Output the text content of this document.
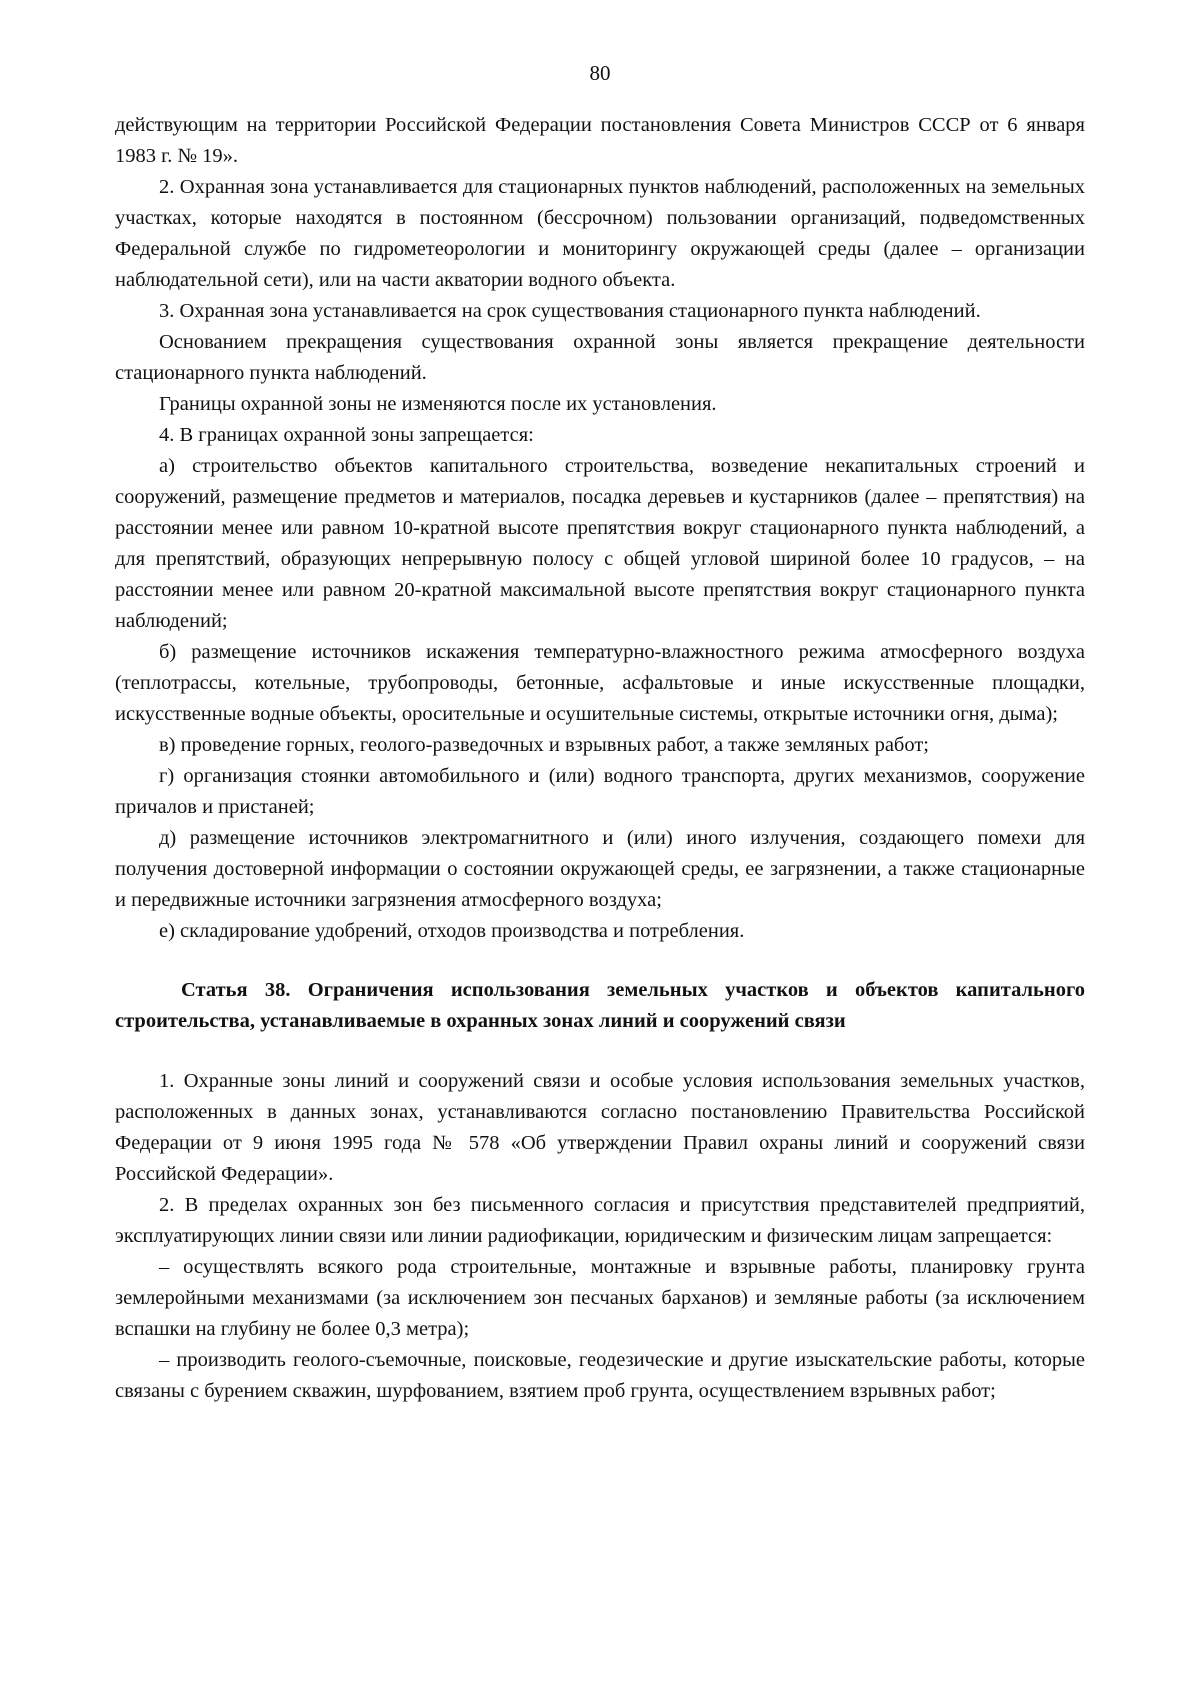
80

действующим на территории Российской Федерации постановления Совета Министров СССР от 6 января 1983 г. № 19».

2. Охранная зона устанавливается для стационарных пунктов наблюдений, расположенных на земельных участках, которые находятся в постоянном (бессрочном) пользовании организаций, подведомственных Федеральной службе по гидрометеорологии и мониторингу окружающей среды (далее – организации наблюдательной сети), или на части акватории водного объекта.

3. Охранная зона устанавливается на срок существования стационарного пункта наблюдений.

Основанием прекращения существования охранной зоны является прекращение деятельности стационарного пункта наблюдений.

Границы охранной зоны не изменяются после их установления.

4. В границах охранной зоны запрещается:

а) строительство объектов капитального строительства, возведение некапитальных строений и сооружений, размещение предметов и материалов, посадка деревьев и кустарников (далее – препятствия) на расстоянии менее или равном 10-кратной высоте препятствия вокруг стационарного пункта наблюдений, а для препятствий, образующих непрерывную полосу с общей угловой шириной более 10 градусов, – на расстоянии менее или равном 20-кратной максимальной высоте препятствия вокруг стационарного пункта наблюдений;

б) размещение источников искажения температурно-влажностного режима атмосферного воздуха (теплотрассы, котельные, трубопроводы, бетонные, асфальтовые и иные искусственные площадки, искусственные водные объекты, оросительные и осушительные системы, открытые источники огня, дыма);

в) проведение горных, геолого-разведочных и взрывных работ, а также земляных работ;

г) организация стоянки автомобильного и (или) водного транспорта, других механизмов, сооружение причалов и пристаней;

д) размещение источников электромагнитного и (или) иного излучения, создающего помехи для получения достоверной информации о состоянии окружающей среды, ее загрязнении, а также стационарные и передвижные источники загрязнения атмосферного воздуха;

е) складирование удобрений, отходов производства и потребления.

Статья 38. Ограничения использования земельных участков и объектов капитального строительства, устанавливаемые в охранных зонах линий и сооружений связи

1. Охранные зоны линий и сооружений связи и особые условия использования земельных участков, расположенных в данных зонах, устанавливаются согласно постановлению Правительства Российской Федерации от 9 июня 1995 года № 578 «Об утверждении Правил охраны линий и сооружений связи Российской Федерации».

2. В пределах охранных зон без письменного согласия и присутствия представителей предприятий, эксплуатирующих линии связи или линии радиофикации, юридическим и физическим лицам запрещается:

– осуществлять всякого рода строительные, монтажные и взрывные работы, планировку грунта землеройными механизмами (за исключением зон песчаных барханов) и земляные работы (за исключением вспашки на глубину не более 0,3 метра);

– производить геолого-съемочные, поисковые, геодезические и другие изыскательские работы, которые связаны с бурением скважин, шурфованием, взятием проб грунта, осуществлением взрывных работ;
